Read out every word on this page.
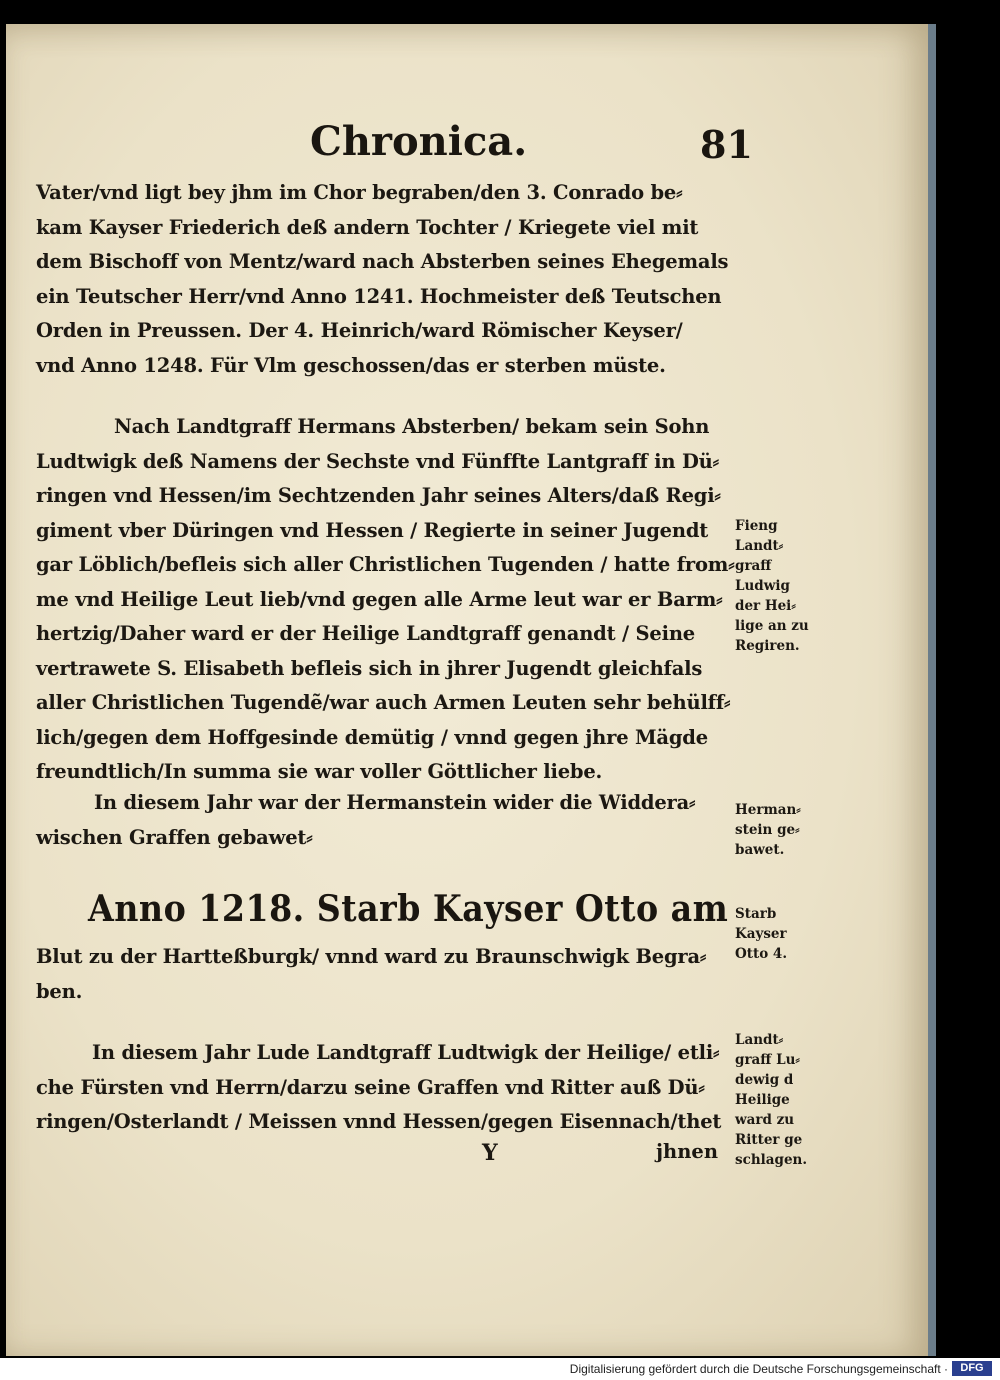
Chronica.	81
Vater/vnd ligt bey jhm im Chor begraben/den 3. Conrado be⸗
kam Kayser Friederich deß andern Tochter / Kriegete viel mit
dem Bischoff von Mentz/ward nach Absterben seines Ehegemals
ein Teutscher Herr/vnd Anno 1241. Hochmeister deß Teutschen
Orden in Preussen. Der 4. Heinrich/ward Römischer Keyser/
vnd Anno 1248. Für Vlm geschossen/das er sterben müste.
Nach Landtgraff Hermans Absterben/ bekam sein Sohn
Ludtwigk deß Namens der Sechste vnd Fünffte Lantgraff in Dü⸗
ringen vnd Hessen/im Sechtzenden Jahr seines Alters/daß Regi⸗
giment vber Düringen vnd Hessen / Regierte in seiner Jugendt
gar Löblich/befleis sich aller Christlichen Tugenden / hatte from⸗
me vnd Heilige Leut lieb/vnd gegen alle Arme leut war er Barm⸗
hertzig/Daher ward er der Heilige Landtgraff genandt / Seine
vertrawete S. Elisabeth befleis sich in jhrer Jugendt gleichfals
aller Christlichen Tugendẽ/war auch Armen Leuten sehr behülff⸗
lich/gegen dem Hoffgesinde demütig / vnnd gegen jhre Mägde
freundtlich/In summa sie war voller Göttlicher liebe.
In diesem Jahr war der Hermanstein wider die Widdera⸗
wischen Graffen gebawet⸗
Anno 1218. Starb Kayser Otto am
Blut zu der Hartteßburgk/ vnnd ward zu Braunschwigk Begra⸗
ben.
In diesem Jahr Lude Landtgraff Ludtwigk der Heilige/ etli⸗
che Fürsten vnd Herrn/darzu seine Graffen vnd Ritter auß Dü⸗
ringen/Osterlandt / Meissen vnnd Hessen/gegen Eisennach/thet
Y	jhnen
Fieng
Landt⸗
graff
Ludwig
der Hei⸗
lige an zu
Regiren.
Herman⸗
stein ge⸗
bawet.
Starb
Kayser
Otto 4.
Landt⸗
graff Lu⸗
dewig d
Heilige
ward zu
Ritter ge
schlagen.
Digitalisierung gefördert durch die Deutsche Forschungsgemeinschaft ·	DFG
